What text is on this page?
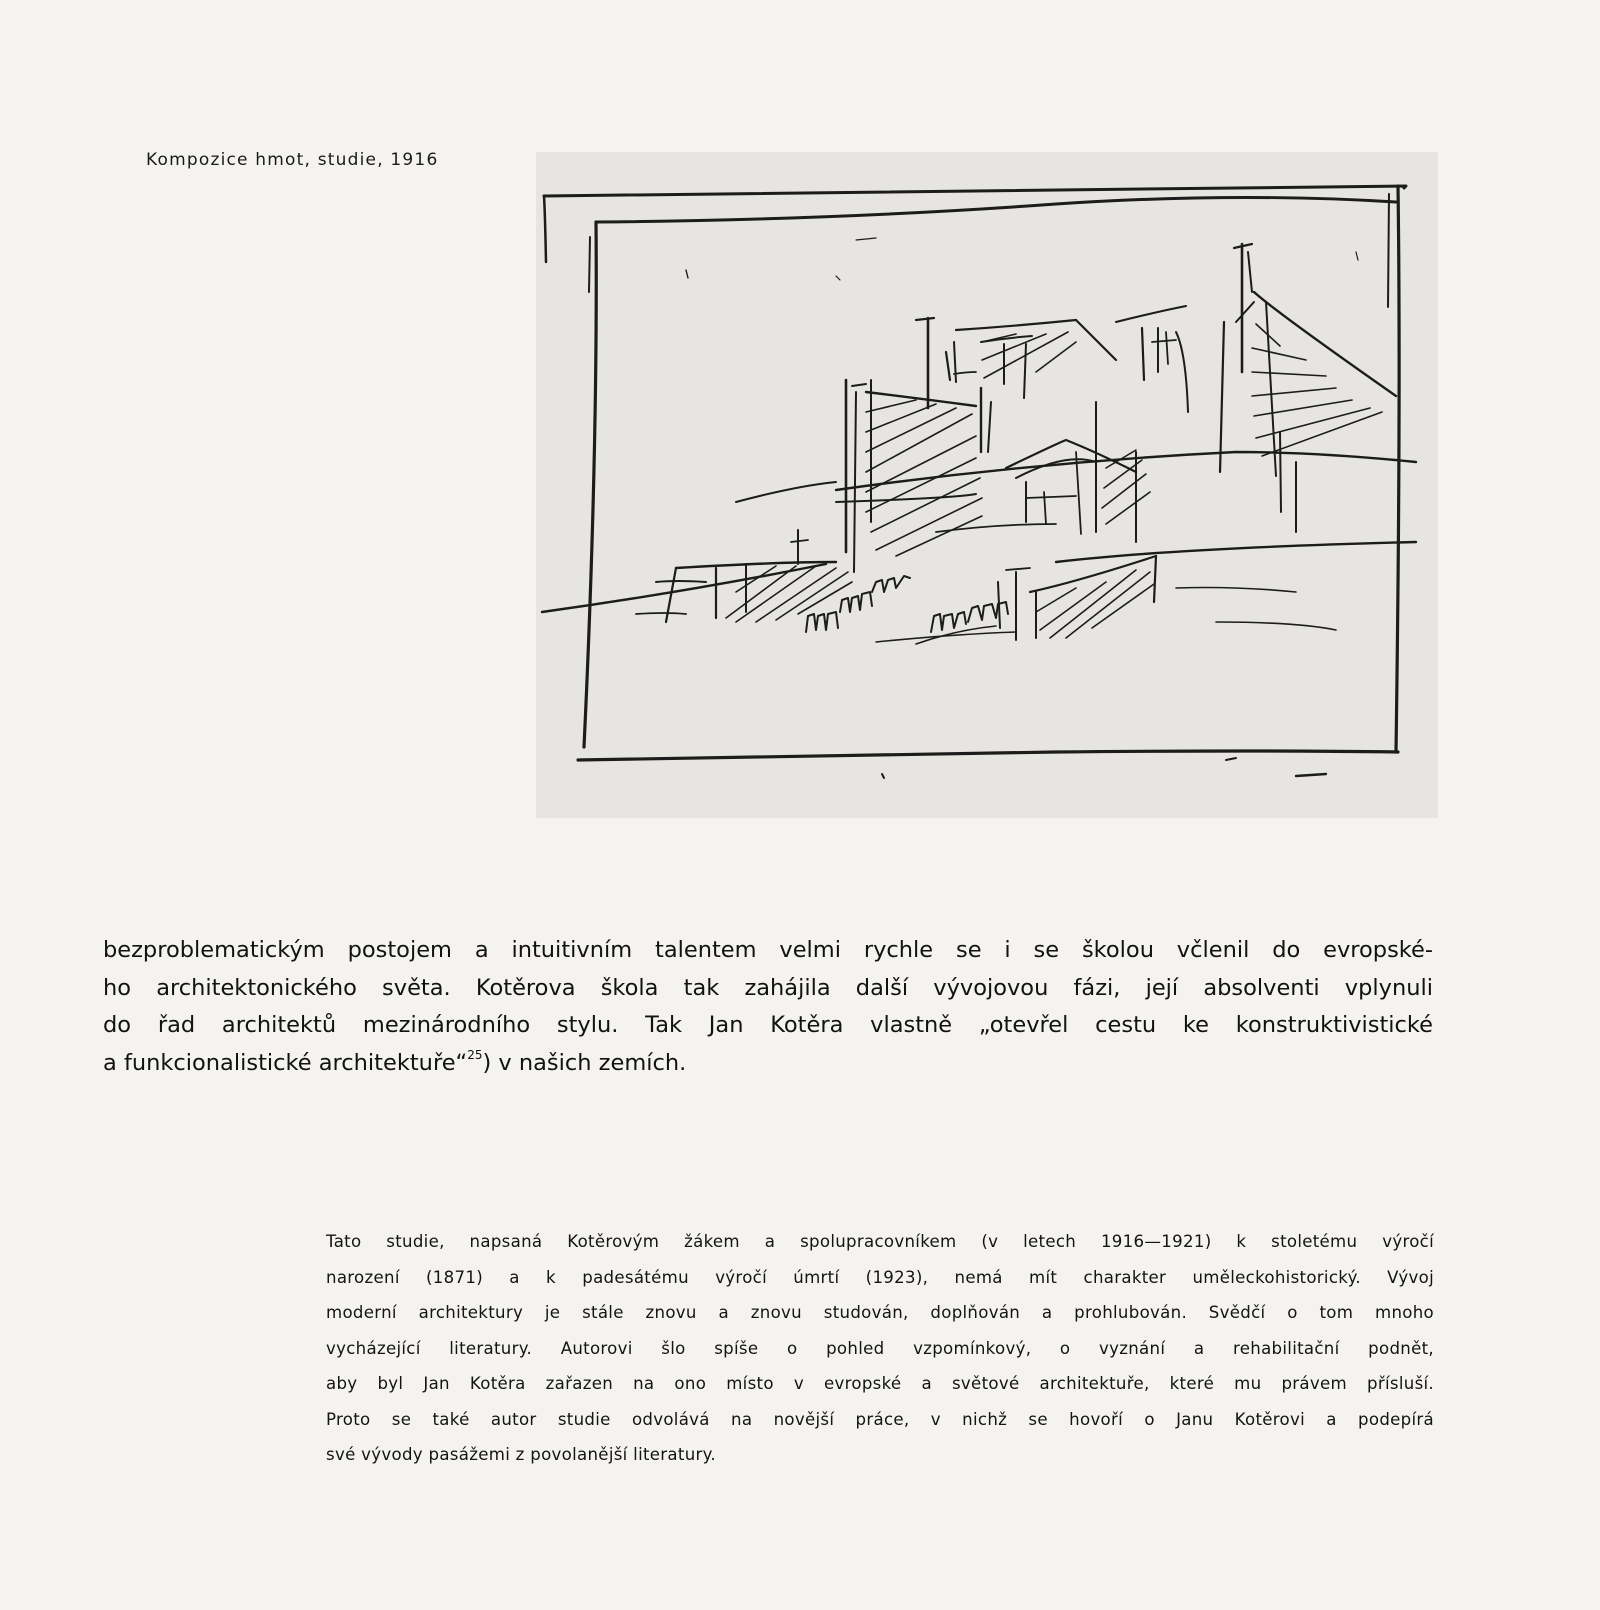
Kompozice hmot, studie, 1916
bezproblematickým postojem a intuitivním talentem velmi rychle se i se školou včlenil do evropské-
ho architektonického světa. Kotěrova škola tak zahájila další vývojovou fázi, její absolventi vplynuli
do řad architektů mezinárodního stylu. Tak Jan Kotěra vlastně „otevřel cestu ke konstruktivistické
a funkcionalistické architektuře“$^{25}$) v našich zemích.
Tato studie, napsaná Kotěrovým žákem a spolupracovníkem (v letech 1916—1921) k stoletému výročí
narození (1871) a k padesátému výročí úmrtí (1923), nemá mít charakter uměleckohistorický. Vývoj
moderní architektury je stále znovu a znovu studován, doplňován a prohlubován. Svědčí o tom mnoho
vycházející literatury. Autorovi šlo spíše o pohled vzpomínkový, o vyznání a rehabilitační podnět,
aby byl Jan Kotěra zařazen na ono místo v evropské a světové architektuře, které mu právem přísluší.
Proto se také autor studie odvolává na novější práce, v nichž se hovoří o Janu Kotěrovi a podepírá
své vývody pasážemi z povolanější literatury.
